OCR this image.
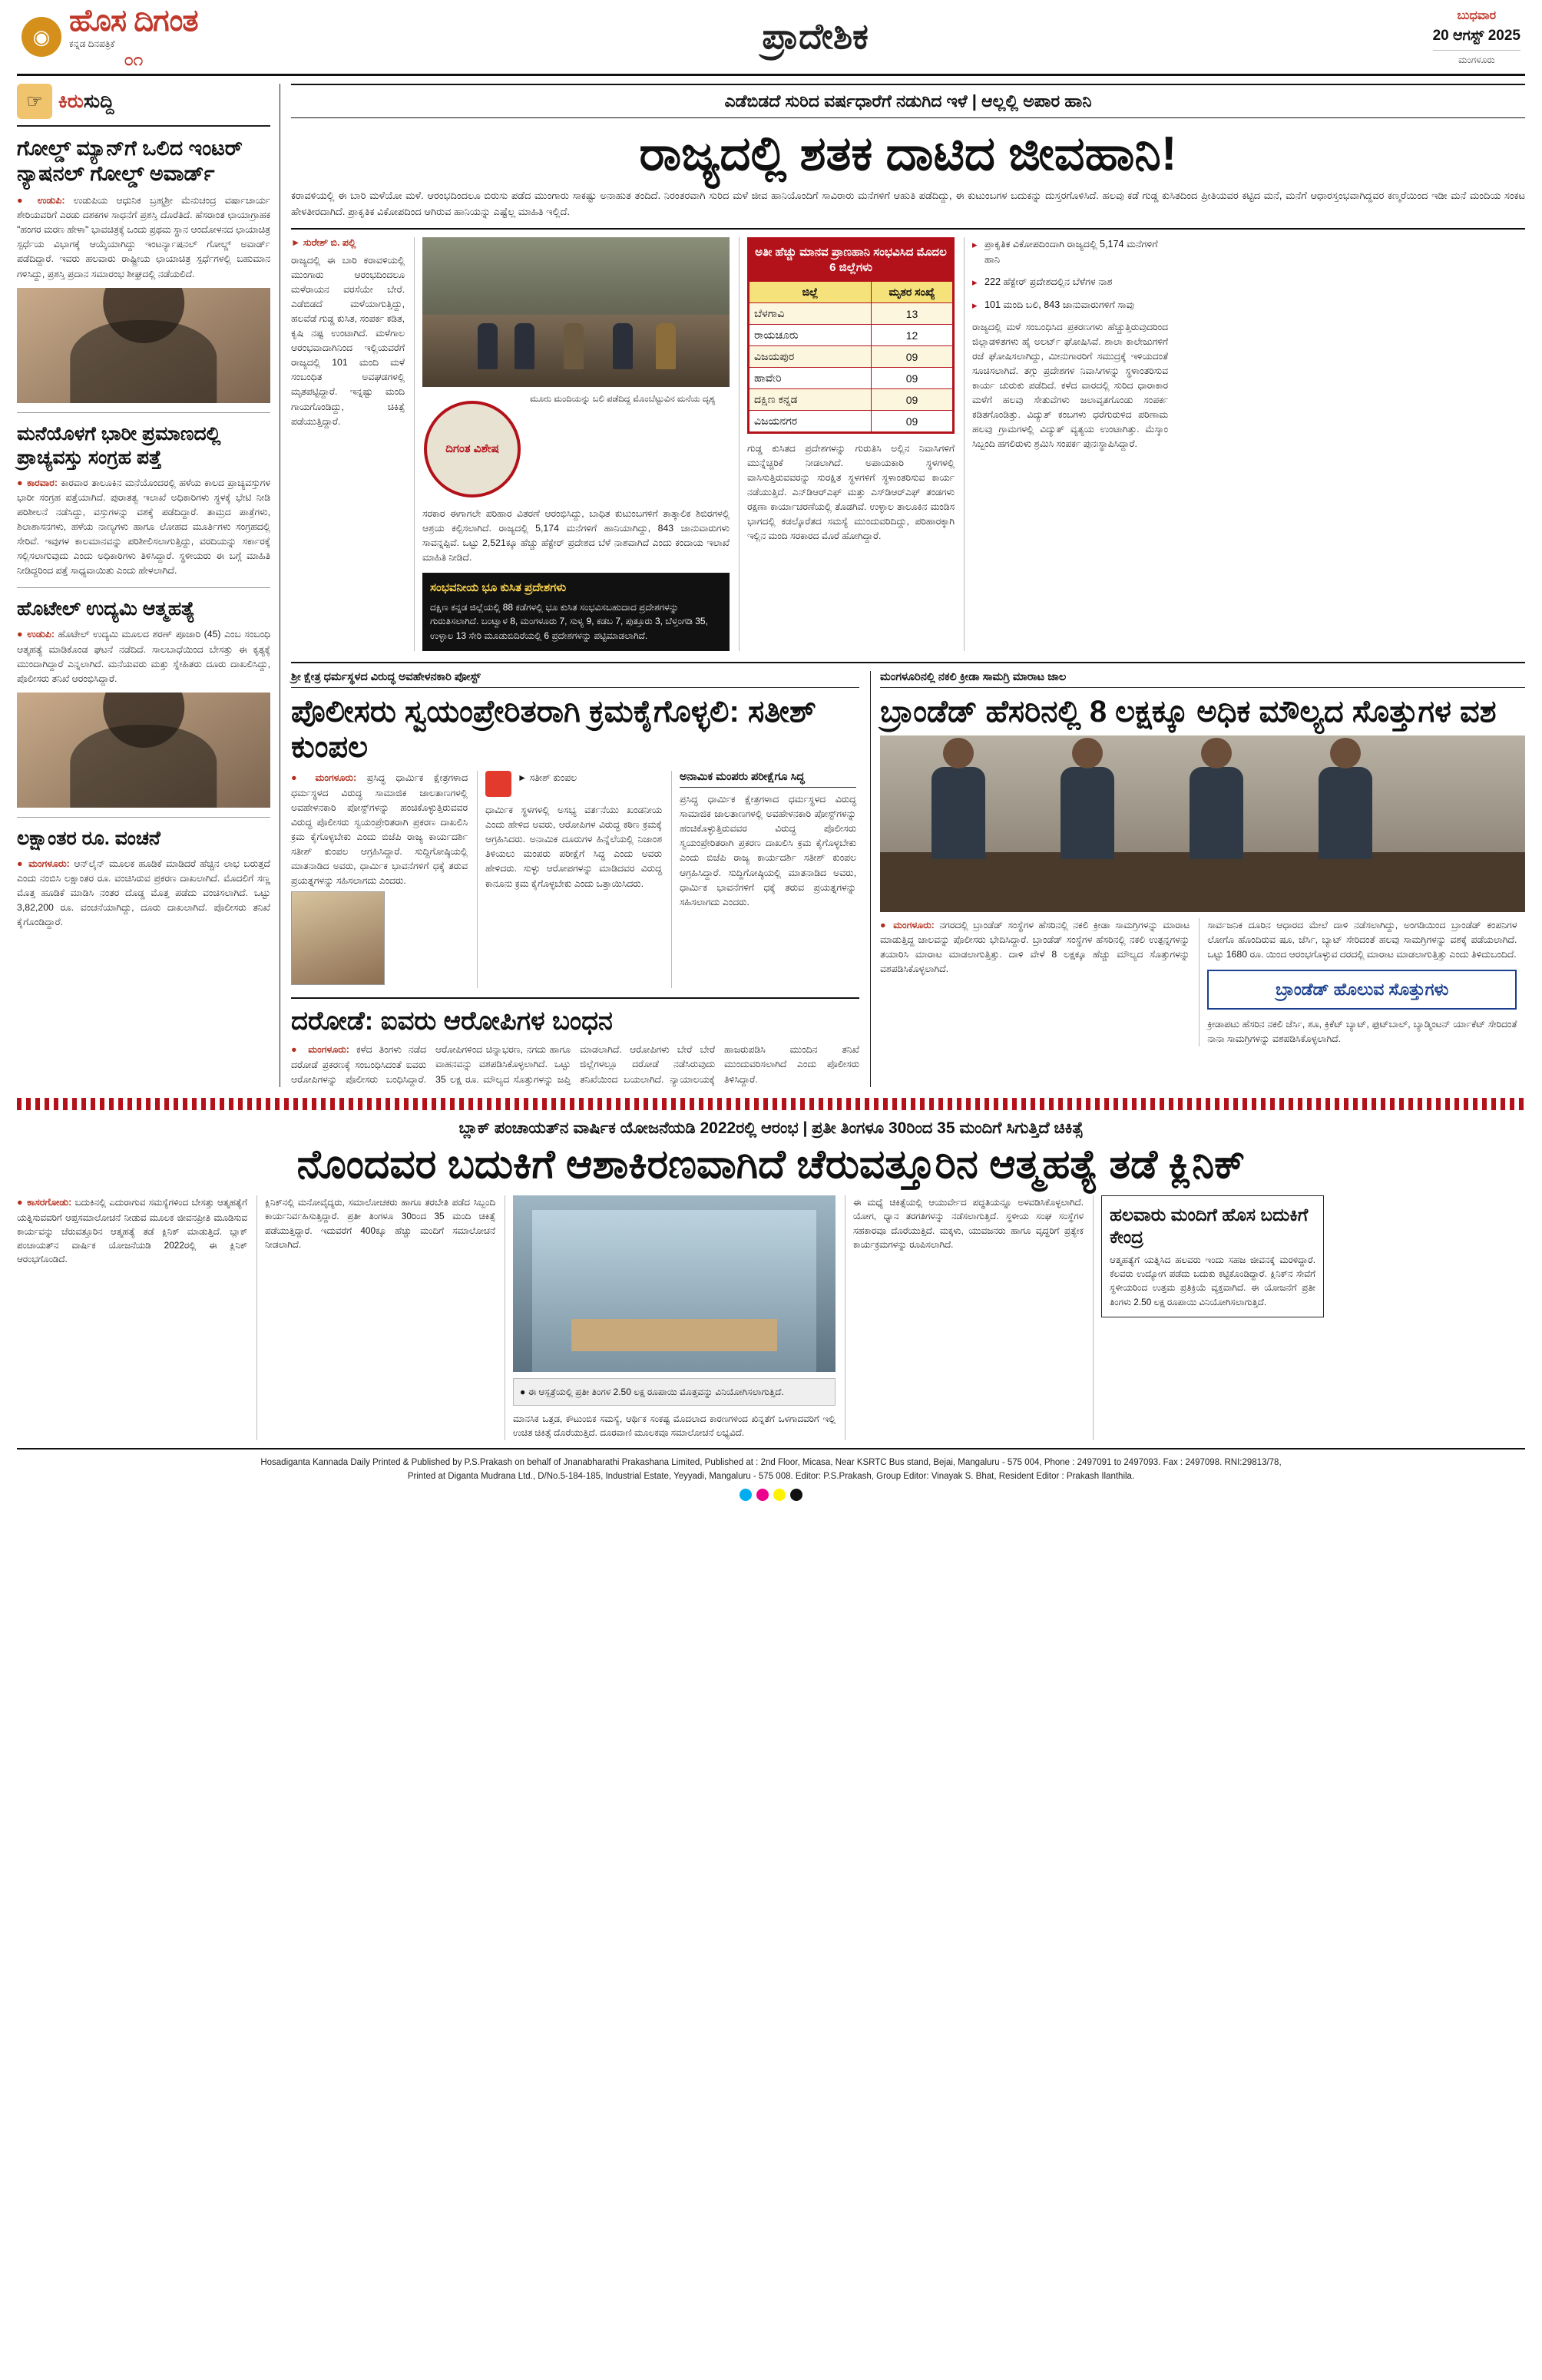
◉ ಹೊಸ ದಿಗಂತ
ಕನ್ನಡ ದಿನಪತ್ರಿಕೆ
೦೧
ಪ್ರಾದೇಶಿಕ
ಬುಧವಾರ
20 ಆಗಸ್ಟ್ 2025
ಮಂಗಳೂರು
☞ ಕಿರುಸುದ್ದಿ
ಗೋಲ್ಡ್ ಮ್ಯಾನ್‌ಗೆ ಒಲಿದ ಇಂಟರ್ ನ್ಯಾಷನಲ್ ಗೋಲ್ಡ್ ಅವಾರ್ಡ್
● ಉಡುಪಿ: ಉಡುಪಿಯ ಆಧುನಿಕ ಬ್ರಹ್ಮಶ್ರೀ ಮೆನುಚಂದ್ರ ವರ್ಷಾಚಾರ್ಯ ಶೇರಿಯವರಿಗೆ ಎರಡು ದಶಕಗಳ ಸಾಧನೆಗೆ ಪ್ರಶಸ್ತಿ ದೊರೆತಿದೆ. ಹೆಸರಾಂತ ಛಾಯಾಗ್ರಾಹಕ "ಹಂಗರ ಮರಣ ಹೇಳಾ" ಭಾವಚಿತ್ರಕ್ಕೆ ಒಂದು ಪ್ರಥಮ ಸ್ಥಾನ ಆಂದೋಳನದ ಛಾಯಾಚಿತ್ರ ಸ್ಪರ್ಧೆಯ ವಿಭಾಗಕ್ಕೆ ಆಯ್ಕೆಯಾಗಿದ್ದು ಇಂಟರ್ನ್ಯಾಷನಲ್ ಗೋಲ್ಡ್ ಅವಾರ್ಡ್ ಪಡೆದಿದ್ದಾರೆ. ಇವರು ಹಲವಾರು ರಾಷ್ಟ್ರೀಯ ಛಾಯಾಚಿತ್ರ ಸ್ಪರ್ಧೆಗಳಲ್ಲಿ ಬಹುಮಾನ ಗಳಿಸಿದ್ದು, ಪ್ರಶಸ್ತಿ ಪ್ರದಾನ ಸಮಾರಂಭ ಶೀಘ್ರದಲ್ಲಿ ನಡೆಯಲಿದೆ.
ಮನೆಯೊಳಗೆ ಭಾರೀ ಪ್ರಮಾಣದಲ್ಲಿ ಪ್ರಾಚ್ಯವಸ್ತು ಸಂಗ್ರಹ ಪತ್ತೆ
● ಕಾರವಾರ: ಕಾರವಾರ ತಾಲೂಕಿನ ಮನೆಯೊಂದರಲ್ಲಿ ಹಳೆಯ ಕಾಲದ ಪ್ರಾಚ್ಯವಸ್ತುಗಳ ಭಾರೀ ಸಂಗ್ರಹ ಪತ್ತೆಯಾಗಿದೆ. ಪುರಾತತ್ವ ಇಲಾಖೆ ಅಧಿಕಾರಿಗಳು ಸ್ಥಳಕ್ಕೆ ಭೇಟಿ ನೀಡಿ ಪರಿಶೀಲನೆ ನಡೆಸಿದ್ದು, ವಸ್ತುಗಳನ್ನು ವಶಕ್ಕೆ ಪಡೆದಿದ್ದಾರೆ. ತಾಮ್ರದ ಪಾತ್ರೆಗಳು, ಶಿಲಾಶಾಸನಗಳು, ಹಳೆಯ ನಾಣ್ಯಗಳು ಹಾಗೂ ಲೋಹದ ಮೂರ್ತಿಗಳು ಸಂಗ್ರಹದಲ್ಲಿ ಸೇರಿವೆ. ಇವುಗಳ ಕಾಲಮಾನವನ್ನು ಪರಿಶೀಲಿಸಲಾಗುತ್ತಿದ್ದು, ವರದಿಯನ್ನು ಸರ್ಕಾರಕ್ಕೆ ಸಲ್ಲಿಸಲಾಗುವುದು ಎಂದು ಅಧಿಕಾರಿಗಳು ತಿಳಿಸಿದ್ದಾರೆ. ಸ್ಥಳೀಯರು ಈ ಬಗ್ಗೆ ಮಾಹಿತಿ ನೀಡಿದ್ದರಿಂದ ಪತ್ತೆ ಸಾಧ್ಯವಾಯಿತು ಎಂದು ಹೇಳಲಾಗಿದೆ.
ಹೊಟೇಲ್ ಉದ್ಯಮಿ ಆತ್ಮಹತ್ಯೆ
● ಉಡುಪಿ: ಹೊಟೇಲ್ ಉದ್ಯಮಿ ಮೂಲದ ಶರಣ್ ಪೂಜಾರಿ (45) ಎಂಬ ಸಂಬಂಧಿ ಆತ್ಮಹತ್ಯೆ ಮಾಡಿಕೊಂಡ ಘಟನೆ ನಡೆದಿದೆ. ಸಾಲಬಾಧೆಯಿಂದ ಬೇಸತ್ತು ಈ ಕೃತ್ಯಕ್ಕೆ ಮುಂದಾಗಿದ್ದಾರೆ ಎನ್ನಲಾಗಿದೆ. ಮನೆಯವರು ಮತ್ತು ಸ್ನೇಹಿತರು ದೂರು ದಾಖಲಿಸಿದ್ದು, ಪೊಲೀಸರು ತನಿಖೆ ಆರಂಭಿಸಿದ್ದಾರೆ.
ಲಕ್ಷಾಂತರ ರೂ. ವಂಚನೆ
● ಮಂಗಳೂರು: ಆನ್‌ಲೈನ್ ಮೂಲಕ ಹೂಡಿಕೆ ಮಾಡಿದರೆ ಹೆಚ್ಚಿನ ಲಾಭ ಬರುತ್ತದೆ ಎಂದು ನಂಬಿಸಿ ಲಕ್ಷಾಂತರ ರೂ. ವಂಚಿಸಿರುವ ಪ್ರಕರಣ ದಾಖಲಾಗಿದೆ. ಮೊದಲಿಗೆ ಸಣ್ಣ ಮೊತ್ತ ಹೂಡಿಕೆ ಮಾಡಿಸಿ ನಂತರ ದೊಡ್ಡ ಮೊತ್ತ ಪಡೆದು ವಂಚಿಸಲಾಗಿದೆ. ಒಟ್ಟು 3,82,200 ರೂ. ವಂಚನೆಯಾಗಿದ್ದು, ದೂರು ದಾಖಲಾಗಿದೆ. ಪೊಲೀಸರು ತನಿಖೆ ಕೈಗೊಂಡಿದ್ದಾರೆ.
ಎಡೆಬಿಡದೆ ಸುರಿದ ವರ್ಷಧಾರೆಗೆ ನಡುಗಿದ ಇಳೆ | ಆಲ್ಲಲ್ಲಿ ಅಪಾರ ಹಾನಿ
ರಾಜ್ಯದಲ್ಲಿ ಶತಕ ದಾಟಿದ ಜೀವಹಾನಿ!
ಕರಾವಳಿಯಲ್ಲಿ ಈ ಬಾರಿ ಮಳೆಯೋ ಮಳೆ. ಆರಂಭದಿಂದಲೂ ಬಿರುಸು ಪಡೆದ ಮುಂಗಾರು ಸಾಕಷ್ಟು ಅನಾಹುತ ತಂದಿದೆ. ನಿರಂತರವಾಗಿ ಸುರಿದ ಮಳೆ ಜೀವ ಹಾನಿಯೊಂದಿಗೆ ಸಾವಿರಾರು ಮನೆಗಳಿಗೆ ಆಹುತಿ ಪಡೆದಿದ್ದು, ಈ ಕುಟುಂಬಗಳ ಬದುಕನ್ನು ದುಸ್ತರಗೊಳಿಸಿದೆ. ಹಲವು ಕಡೆ ಗುಡ್ಡ ಕುಸಿತದಿಂದ ಪ್ರೀತಿಯವರ ಕಟ್ಟಿದ ಮನೆ, ಮನೆಗೆ ಆಧಾರಸ್ತಂಭವಾಗಿದ್ದವರ ಕಣ್ಮರೆಯಿಂದ ಇಡೀ ಮನೆ ಮಂದಿಯ ಸಂಕಟ ಹೇಳತೀರದಾಗಿದೆ. ಪ್ರಾಕೃತಿಕ ವಿಕೋಪದಿಂದ ಆಗಿರುವ ಹಾನಿಯನ್ನು ಎಷ್ಟೆಲ್ಲ ಮಾಹಿತಿ ಇಲ್ಲಿದೆ.
► ಸುರೇಶ್ ಬಿ. ಪಲ್ಲಿ
ರಾಜ್ಯದಲ್ಲಿ ಈ ಬಾರಿ ಕರಾವಳಿಯಲ್ಲಿ ಮುಂಗಾರು ಆರಂಭದಿಂದಲೂ ಮಳೆರಾಯನ ವರಸೆಯೇ ಬೇರೆ. ಎಡೆಬಿಡದೆ ಮಳೆಯಾಗುತ್ತಿದ್ದು, ಹಲವೆಡೆ ಗುಡ್ಡ ಕುಸಿತ, ಸಂಪರ್ಕ ಕಡಿತ, ಕೃಷಿ ನಷ್ಟ ಉಂಟಾಗಿದೆ. ಮಳೆಗಾಲ ಆರಂಭವಾದಾಗಿನಿಂದ ಇಲ್ಲಿಯವರೆಗೆ ರಾಜ್ಯದಲ್ಲಿ 101 ಮಂದಿ ಮಳೆ ಸಂಬಂಧಿತ ಅವಘಡಗಳಲ್ಲಿ ಮೃತಪಟ್ಟಿದ್ದಾರೆ. ಇನ್ನಷ್ಟು ಮಂದಿ ಗಾಯಗೊಂಡಿದ್ದು, ಚಿಕಿತ್ಸೆ ಪಡೆಯುತ್ತಿದ್ದಾರೆ.
ದಿಗಂತ ವಿಶೇಷ
ಮೂರು ಮಂದಿಯನ್ನು ಬಲಿ ಪಡೆದಿದ್ದ ಮೊಂಬೆಟ್ಟುವಿನ ಮನೆಯ ದೃಶ್ಯ
ಸರಕಾರ ಈಗಾಗಲೇ ಪರಿಹಾರ ವಿತರಣೆ ಆರಂಭಿಸಿದ್ದು, ಬಾಧಿತ ಕುಟುಂಬಗಳಿಗೆ ತಾತ್ಕಾಲಿಕ ಶಿಬಿರಗಳಲ್ಲಿ ಆಶ್ರಯ ಕಲ್ಪಿಸಲಾಗಿದೆ. ರಾಜ್ಯದಲ್ಲಿ 5,174 ಮನೆಗಳಿಗೆ ಹಾನಿಯಾಗಿದ್ದು, 843 ಜಾನುವಾರುಗಳು ಸಾವನ್ನಪ್ಪಿವೆ. ಒಟ್ಟು 2,521ಕ್ಕೂ ಹೆಚ್ಚು ಹೆಕ್ಟೇರ್ ಪ್ರದೇಶದ ಬೆಳೆ ನಾಶವಾಗಿದೆ ಎಂದು ಕಂದಾಯ ಇಲಾಖೆ ಮಾಹಿತಿ ನೀಡಿದೆ.
ಸಂಭವನೀಯ ಭೂ ಕುಸಿತ ಪ್ರದೇಶಗಳು
ದಕ್ಷಿಣ ಕನ್ನಡ ಜಿಲ್ಲೆಯಲ್ಲಿ 88 ಕಡೆಗಳಲ್ಲಿ ಭೂ ಕುಸಿತ ಸಂಭವಿಸಬಹುದಾದ ಪ್ರದೇಶಗಳನ್ನು ಗುರುತಿಸಲಾಗಿದೆ. ಬಂಟ್ವಾಳ 8, ಮಂಗಳೂರು 7, ಸುಳ್ಯ 9, ಕಡಬ 7, ಪುತ್ತೂರು 3, ಬೆಳ್ತಂಗಡಿ 35, ಉಳ್ಳಾಲ 13 ಸೇರಿ ಮೂಡುಬಿದಿರೆಯಲ್ಲಿ 6 ಪ್ರದೇಶಗಳನ್ನು ಪಟ್ಟಿಮಾಡಲಾಗಿದೆ.
ಅತೀ ಹೆಚ್ಚು ಮಾನವ ಪ್ರಾಣಹಾನಿ ಸಂಭವಿಸಿದ ಮೊದಲ 6 ಜಿಲ್ಲೆಗಳು
ಜಿಲ್ಲೆ	ಮೃತರ ಸಂಖ್ಯೆ
ಬೆಳಗಾವಿ	13
ರಾಯಚೂರು	12
ವಿಜಯಪುರ	09
ಹಾವೇರಿ	09
ದಕ್ಷಿಣ ಕನ್ನಡ	09
ವಿಜಯನಗರ	09
ಗುಡ್ಡ ಕುಸಿತದ ಪ್ರದೇಶಗಳನ್ನು ಗುರುತಿಸಿ ಅಲ್ಲಿನ ನಿವಾಸಿಗಳಿಗೆ ಮುನ್ನೆಚ್ಚರಿಕೆ ನೀಡಲಾಗಿದೆ. ಅಪಾಯಕಾರಿ ಸ್ಥಳಗಳಲ್ಲಿ ವಾಸಿಸುತ್ತಿರುವವರನ್ನು ಸುರಕ್ಷಿತ ಸ್ಥಳಗಳಿಗೆ ಸ್ಥಳಾಂತರಿಸುವ ಕಾರ್ಯ ನಡೆಯುತ್ತಿದೆ. ಎನ್‌ಡಿಆರ್‌ಎಫ್ ಮತ್ತು ಎಸ್‌ಡಿಆರ್‌ಎಫ್ ತಂಡಗಳು ರಕ್ಷಣಾ ಕಾರ್ಯಾಚರಣೆಯಲ್ಲಿ ತೊಡಗಿವೆ. ಉಳ್ಳಾಲ ತಾಲೂಕಿನ ಮಂಡಿಸ ಭಾಗದಲ್ಲಿ ಕಡಲ್ಕೊರೆತದ ಸಮಸ್ಯೆ ಮುಂದುವರಿದಿದ್ದು, ಪರಿಹಾರಕ್ಕಾಗಿ ಇಲ್ಲಿನ ಮಂದಿ ಸರಕಾರದ ಮೊರೆ ಹೋಗಿದ್ದಾರೆ.
▸ ಪ್ರಾಕೃತಿಕ ವಿಕೋಪದಿಂದಾಗಿ ರಾಜ್ಯದಲ್ಲಿ 5,174 ಮನೆಗಳಿಗೆ ಹಾನಿ
▸ 222 ಹೆಕ್ಟೇರ್ ಪ್ರದೇಶದಲ್ಲಿನ ಬೆಳೆಗಳ ನಾಶ
▸ 101 ಮಂದಿ ಬಲಿ, 843 ಜಾನುವಾರುಗಳಿಗೆ ಸಾವು
ರಾಜ್ಯದಲ್ಲಿ ಮಳೆ ಸಂಬಂಧಿಸಿದ ಪ್ರಕರಣಗಳು ಹೆಚ್ಚುತ್ತಿರುವುದರಿಂದ ಜಿಲ್ಲಾಡಳಿತಗಳು ಹೈ ಅಲರ್ಟ್ ಘೋಷಿಸಿವೆ. ಶಾಲಾ ಕಾಲೇಜುಗಳಿಗೆ ರಜೆ ಘೋಷಿಸಲಾಗಿದ್ದು, ಮೀನುಗಾರರಿಗೆ ಸಮುದ್ರಕ್ಕೆ ಇಳಿಯದಂತೆ ಸೂಚಿಸಲಾಗಿದೆ. ತಗ್ಗು ಪ್ರದೇಶಗಳ ನಿವಾಸಿಗಳನ್ನು ಸ್ಥಳಾಂತರಿಸುವ ಕಾರ್ಯ ಚುರುಕು ಪಡೆದಿದೆ. ಕಳೆದ ವಾರದಲ್ಲಿ ಸುರಿದ ಧಾರಾಕಾರ ಮಳೆಗೆ ಹಲವು ಸೇತುವೆಗಳು ಜಲಾವೃತಗೊಂಡು ಸಂಪರ್ಕ ಕಡಿತಗೊಂಡಿತ್ತು. ವಿದ್ಯುತ್ ಕಂಬಗಳು ಧರೆಗುರುಳಿದ ಪರಿಣಾಮ ಹಲವು ಗ್ರಾಮಗಳಲ್ಲಿ ವಿದ್ಯುತ್ ವ್ಯತ್ಯಯ ಉಂಟಾಗಿತ್ತು. ಮೆಸ್ಕಾಂ ಸಿಬ್ಬಂದಿ ಹಗಲಿರುಳು ಶ್ರಮಿಸಿ ಸಂಪರ್ಕ ಪುನಃಸ್ಥಾಪಿಸಿದ್ದಾರೆ.
ಶ್ರೀ ಕ್ಷೇತ್ರ ಧರ್ಮಸ್ಥಳದ ವಿರುದ್ಧ ಅವಹೇಳನಕಾರಿ ಪೋಸ್ಟ್
ಪೊಲೀಸರು ಸ್ವಯಂಪ್ರೇರಿತರಾಗಿ ಕ್ರಮಕೈಗೊಳ್ಳಲಿ: ಸತೀಶ್ ಕುಂಪಲ
● ಮಂಗಳೂರು: ಪ್ರಸಿದ್ಧ ಧಾರ್ಮಿಕ ಕ್ಷೇತ್ರಗಳಾದ ಧರ್ಮಸ್ಥಳದ ವಿರುದ್ಧ ಸಾಮಾಜಿಕ ಜಾಲತಾಣಗಳಲ್ಲಿ ಅವಹೇಳನಕಾರಿ ಪೋಸ್ಟ್‌ಗಳನ್ನು ಹಂಚಿಕೊಳ್ಳುತ್ತಿರುವವರ ವಿರುದ್ಧ ಪೊಲೀಸರು ಸ್ವಯಂಪ್ರೇರಿತರಾಗಿ ಪ್ರಕರಣ ದಾಖಲಿಸಿ ಕ್ರಮ ಕೈಗೊಳ್ಳಬೇಕು ಎಂದು ಬಿಜೆಪಿ ರಾಜ್ಯ ಕಾರ್ಯದರ್ಶಿ ಸತೀಶ್ ಕುಂಪಲ ಆಗ್ರಹಿಸಿದ್ದಾರೆ. ಸುದ್ದಿಗೋಷ್ಠಿಯಲ್ಲಿ ಮಾತನಾಡಿದ ಅವರು, ಧಾರ್ಮಿಕ ಭಾವನೆಗಳಿಗೆ ಧಕ್ಕೆ ತರುವ ಪ್ರಯತ್ನಗಳನ್ನು ಸಹಿಸಲಾಗದು ಎಂದರು.
► ಸತೀಶ್ ಕುಂಪಲ
ಧಾರ್ಮಿಕ ಸ್ಥಳಗಳಲ್ಲಿ ಅಸಭ್ಯ ವರ್ತನೆಯು ಖಂಡನೀಯ ಎಂದು ಹೇಳಿದ ಅವರು, ಆರೋಪಿಗಳ ವಿರುದ್ಧ ಕಠಿಣ ಕ್ರಮಕ್ಕೆ ಆಗ್ರಹಿಸಿದರು. ಅನಾಮಿಕ ದೂರುಗಳ ಹಿನ್ನೆಲೆಯಲ್ಲಿ ನಿಜಾಂಶ ತಿಳಿಯಲು ಮಂಪರು ಪರೀಕ್ಷೆಗೆ ಸಿದ್ಧ ಎಂದು ಅವರು ಹೇಳಿದರು. ಸುಳ್ಳು ಆರೋಪಗಳನ್ನು ಮಾಡಿದವರ ವಿರುದ್ಧ ಕಾನೂನು ಕ್ರಮ ಕೈಗೊಳ್ಳಬೇಕು ಎಂದು ಒತ್ತಾಯಿಸಿದರು.
ಅನಾಮಿಕ ಮಂಪರು ಪರೀಕ್ಷೆಗೂ ಸಿದ್ಧ
ಪ್ರಸಿದ್ಧ ಧಾರ್ಮಿಕ ಕ್ಷೇತ್ರಗಳಾದ ಧರ್ಮಸ್ಥಳದ ವಿರುದ್ಧ ಸಾಮಾಜಿಕ ಜಾಲತಾಣಗಳಲ್ಲಿ ಅವಹೇಳನಕಾರಿ ಪೋಸ್ಟ್‌ಗಳನ್ನು ಹಂಚಿಕೊಳ್ಳುತ್ತಿರುವವರ ವಿರುದ್ಧ ಪೊಲೀಸರು ಸ್ವಯಂಪ್ರೇರಿತರಾಗಿ ಪ್ರಕರಣ ದಾಖಲಿಸಿ ಕ್ರಮ ಕೈಗೊಳ್ಳಬೇಕು ಎಂದು ಬಿಜೆಪಿ ರಾಜ್ಯ ಕಾರ್ಯದರ್ಶಿ ಸತೀಶ್ ಕುಂಪಲ ಆಗ್ರಹಿಸಿದ್ದಾರೆ. ಸುದ್ದಿಗೋಷ್ಠಿಯಲ್ಲಿ ಮಾತನಾಡಿದ ಅವರು, ಧಾರ್ಮಿಕ ಭಾವನೆಗಳಿಗೆ ಧಕ್ಕೆ ತರುವ ಪ್ರಯತ್ನಗಳನ್ನು ಸಹಿಸಲಾಗದು ಎಂದರು.
ದರೋಡೆ: ಐವರು ಆರೋಪಿಗಳ ಬಂಧನ
● ಮಂಗಳೂರು: ಕಳೆದ ತಿಂಗಳು ನಡೆದ ದರೋಡೆ ಪ್ರಕರಣಕ್ಕೆ ಸಂಬಂಧಿಸಿದಂತೆ ಐವರು ಆರೋಪಿಗಳನ್ನು ಪೊಲೀಸರು ಬಂಧಿಸಿದ್ದಾರೆ. ಆರೋಪಿಗಳಿಂದ ಚಿನ್ನಾಭರಣ, ನಗದು ಹಾಗೂ ವಾಹನವನ್ನು ವಶಪಡಿಸಿಕೊಳ್ಳಲಾಗಿದೆ. ಒಟ್ಟು 35 ಲಕ್ಷ ರೂ. ಮೌಲ್ಯದ ಸೊತ್ತುಗಳನ್ನು ಜಪ್ತಿ ಮಾಡಲಾಗಿದೆ. ಆರೋಪಿಗಳು ಬೇರೆ ಬೇರೆ ಜಿಲ್ಲೆಗಳಲ್ಲೂ ದರೋಡೆ ನಡೆಸಿರುವುದು ತನಿಖೆಯಿಂದ ಬಯಲಾಗಿದೆ. ನ್ಯಾಯಾಲಯಕ್ಕೆ ಹಾಜರುಪಡಿಸಿ ಮುಂದಿನ ತನಿಖೆ ಮುಂದುವರಿಸಲಾಗಿದೆ ಎಂದು ಪೊಲೀಸರು ತಿಳಿಸಿದ್ದಾರೆ.
ಮಂಗಳೂರಿನಲ್ಲಿ ನಕಲಿ ಕ್ರೀಡಾ ಸಾಮಗ್ರಿ ಮಾರಾಟ ಜಾಲ
ಬ್ರಾಂಡೆಡ್ ಹೆಸರಿನಲ್ಲಿ 8 ಲಕ್ಷಕ್ಕೂ ಅಧಿಕ ಮೌಲ್ಯದ ಸೊತ್ತುಗಳ ವಶ
● ಮಂಗಳೂರು: ನಗರದಲ್ಲಿ ಬ್ರಾಂಡೆಡ್ ಸಂಸ್ಥೆಗಳ ಹೆಸರಿನಲ್ಲಿ ನಕಲಿ ಕ್ರೀಡಾ ಸಾಮಗ್ರಿಗಳನ್ನು ಮಾರಾಟ ಮಾಡುತ್ತಿದ್ದ ಜಾಲವನ್ನು ಪೊಲೀಸರು ಭೇದಿಸಿದ್ದಾರೆ. ಬ್ರಾಂಡೆಡ್ ಸಂಸ್ಥೆಗಳ ಹೆಸರಿನಲ್ಲಿ ನಕಲಿ ಉತ್ಪನ್ನಗಳನ್ನು ತಯಾರಿಸಿ ಮಾರಾಟ ಮಾಡಲಾಗುತ್ತಿತ್ತು. ದಾಳಿ ವೇಳೆ 8 ಲಕ್ಷಕ್ಕೂ ಹೆಚ್ಚು ಮೌಲ್ಯದ ಸೊತ್ತುಗಳನ್ನು ವಶಪಡಿಸಿಕೊಳ್ಳಲಾಗಿದೆ.
ಸಾರ್ವಜನಿಕ ದೂರಿನ ಆಧಾರದ ಮೇಲೆ ದಾಳಿ ನಡೆಸಲಾಗಿದ್ದು, ಅಂಗಡಿಯಿಂದ ಬ್ರಾಂಡೆಡ್ ಕಂಪನಿಗಳ ಲೋಗೊ ಹೊಂದಿರುವ ಷೂ, ಜೆರ್ಸಿ, ಬ್ಯಾಟ್ ಸೇರಿದಂತೆ ಹಲವು ಸಾಮಗ್ರಿಗಳನ್ನು ವಶಕ್ಕೆ ಪಡೆಯಲಾಗಿದೆ. ಒಟ್ಟು 1680 ರೂ. ಯಿಂದ ಆರಂಭಗೊಳ್ಳುವ ದರದಲ್ಲಿ ಮಾರಾಟ ಮಾಡಲಾಗುತ್ತಿತ್ತು ಎಂದು ತಿಳಿದುಬಂದಿದೆ.
ಬ್ರಾಂಡೆಡ್ ಹೊಲುವ ಸೊತ್ತುಗಳು
ಕ್ರೀಡಾಪಟು ಹೆಸರಿನ ನಕಲಿ ಜೆರ್ಸಿ, ಶೂ, ಕ್ರಿಕೆಟ್ ಬ್ಯಾಟ್, ಫುಟ್‌ಬಾಲ್, ಬ್ಯಾಡ್ಮಿಂಟನ್ ರ್ಯಾಕೆಟ್ ಸೇರಿದಂತೆ ನಾನಾ ಸಾಮಗ್ರಿಗಳನ್ನು ವಶಪಡಿಸಿಕೊಳ್ಳಲಾಗಿದೆ.
ಬ್ಲಾಕ್ ಪಂಚಾಯತ್‌ನ ವಾರ್ಷಿಕ ಯೋಜನೆಯಡಿ 2022ರಲ್ಲಿ ಆರಂಭ | ಪ್ರತೀ ತಿಂಗಳೂ 30ರಿಂದ 35 ಮಂದಿಗೆ ಸಿಗುತ್ತಿದೆ ಚಿಕಿತ್ಸೆ
ನೊಂದವರ ಬದುಕಿಗೆ ಆಶಾಕಿರಣವಾಗಿದೆ ಚೆರುವತ್ತೂರಿನ ಆತ್ಮಹತ್ಯೆ ತಡೆ ಕ್ಲಿನಿಕ್
● ಕಾಸರಗೋಡು: ಬದುಕಿನಲ್ಲಿ ಎದುರಾಗುವ ಸಮಸ್ಯೆಗಳಿಂದ ಬೇಸತ್ತು ಆತ್ಮಹತ್ಯೆಗೆ ಯತ್ನಿಸುವವರಿಗೆ ಆಪ್ತಸಮಾಲೋಚನೆ ನೀಡುವ ಮೂಲಕ ಜೀವನಪ್ರೀತಿ ಮೂಡಿಸುವ ಕಾರ್ಯವನ್ನು ಚೆರುವತ್ತೂರಿನ ಆತ್ಮಹತ್ಯೆ ತಡೆ ಕ್ಲಿನಿಕ್ ಮಾಡುತ್ತಿದೆ. ಬ್ಲಾಕ್ ಪಂಚಾಯತ್‌ನ ವಾರ್ಷಿಕ ಯೋಜನೆಯಡಿ 2022ರಲ್ಲಿ ಈ ಕ್ಲಿನಿಕ್ ಆರಂಭಗೊಂಡಿದೆ.
ಕ್ಲಿನಿಕ್‌ನಲ್ಲಿ ಮನೋವೈದ್ಯರು, ಸಮಾಲೋಚಕರು ಹಾಗೂ ತರಬೇತಿ ಪಡೆದ ಸಿಬ್ಬಂದಿ ಕಾರ್ಯನಿರ್ವಹಿಸುತ್ತಿದ್ದಾರೆ. ಪ್ರತೀ ತಿಂಗಳೂ 30ರಿಂದ 35 ಮಂದಿ ಚಿಕಿತ್ಸೆ ಪಡೆಯುತ್ತಿದ್ದಾರೆ. ಇದುವರೆಗೆ 400ಕ್ಕೂ ಹೆಚ್ಚು ಮಂದಿಗೆ ಸಮಾಲೋಚನೆ ನೀಡಲಾಗಿದೆ.
● ಈ ಆಸ್ಪತ್ರೆಯಲ್ಲಿ ಪ್ರತೀ ತಿಂಗಳ 2.50 ಲಕ್ಷ ರೂಪಾಯಿ ಮೊತ್ತವನ್ನು ವಿನಿಯೋಗಿಸಲಾಗುತ್ತಿದೆ.
ಮಾನಸಿಕ ಒತ್ತಡ, ಕೌಟುಂಬಿಕ ಸಮಸ್ಯೆ, ಆರ್ಥಿಕ ಸಂಕಷ್ಟ ಮೊದಲಾದ ಕಾರಣಗಳಿಂದ ಖಿನ್ನತೆಗೆ ಒಳಗಾದವರಿಗೆ ಇಲ್ಲಿ ಉಚಿತ ಚಿಕಿತ್ಸೆ ದೊರೆಯುತ್ತಿದೆ. ದೂರವಾಣಿ ಮೂಲಕವೂ ಸಮಾಲೋಚನೆ ಲಭ್ಯವಿದೆ.
ಈ ಮಧ್ಯೆ ಚಿಕಿತ್ಸೆಯಲ್ಲಿ ಆಯುರ್ವೇದ ಪದ್ಧತಿಯನ್ನೂ ಅಳವಡಿಸಿಕೊಳ್ಳಲಾಗಿದೆ. ಯೋಗ, ಧ್ಯಾನ ತರಗತಿಗಳನ್ನು ನಡೆಸಲಾಗುತ್ತಿದೆ. ಸ್ಥಳೀಯ ಸಂಘ ಸಂಸ್ಥೆಗಳ ಸಹಕಾರವೂ ದೊರೆಯುತ್ತಿದೆ. ಮಕ್ಕಳು, ಯುವಜನರು ಹಾಗೂ ವೃದ್ಧರಿಗೆ ಪ್ರತ್ಯೇಕ ಕಾರ್ಯಕ್ರಮಗಳನ್ನು ರೂಪಿಸಲಾಗಿದೆ.
ಹಲವಾರು ಮಂದಿಗೆ ಹೊಸ ಬದುಕಿಗೆ ಕೇಂದ್ರ
ಆತ್ಮಹತ್ಯೆಗೆ ಯತ್ನಿಸಿದ ಹಲವರು ಇಂದು ಸಹಜ ಜೀವನಕ್ಕೆ ಮರಳಿದ್ದಾರೆ. ಕೆಲವರು ಉದ್ಯೋಗ ಪಡೆದು ಬದುಕು ಕಟ್ಟಿಕೊಂಡಿದ್ದಾರೆ. ಕ್ಲಿನಿಕ್‌ನ ಸೇವೆಗೆ ಸ್ಥಳೀಯರಿಂದ ಉತ್ತಮ ಪ್ರತಿಕ್ರಿಯೆ ವ್ಯಕ್ತವಾಗಿದೆ. ಈ ಯೋಜನೆಗೆ ಪ್ರತೀ ತಿಂಗಳು 2.50 ಲಕ್ಷ ರೂಪಾಯಿ ವಿನಿಯೋಗಿಸಲಾಗುತ್ತಿದೆ.
Hosadiganta Kannada Daily Printed & Published by P.S.Prakash on behalf of Jnanabharathi Prakashana Limited, Published at : 2nd Floor, Micasa, Near KSRTC Bus stand, Bejai, Mangaluru - 575 004, Phone : 2497091 to 2497093. Fax : 2497098. RNI:29813/78,
Printed at Diganta Mudrana Ltd., D/No.5-184-185, Industrial Estate, Yeyyadi, Mangaluru - 575 008. Editor: P.S.Prakash, Group Editor: Vinayak S. Bhat, Resident Editor : Prakash Ilanthila.
